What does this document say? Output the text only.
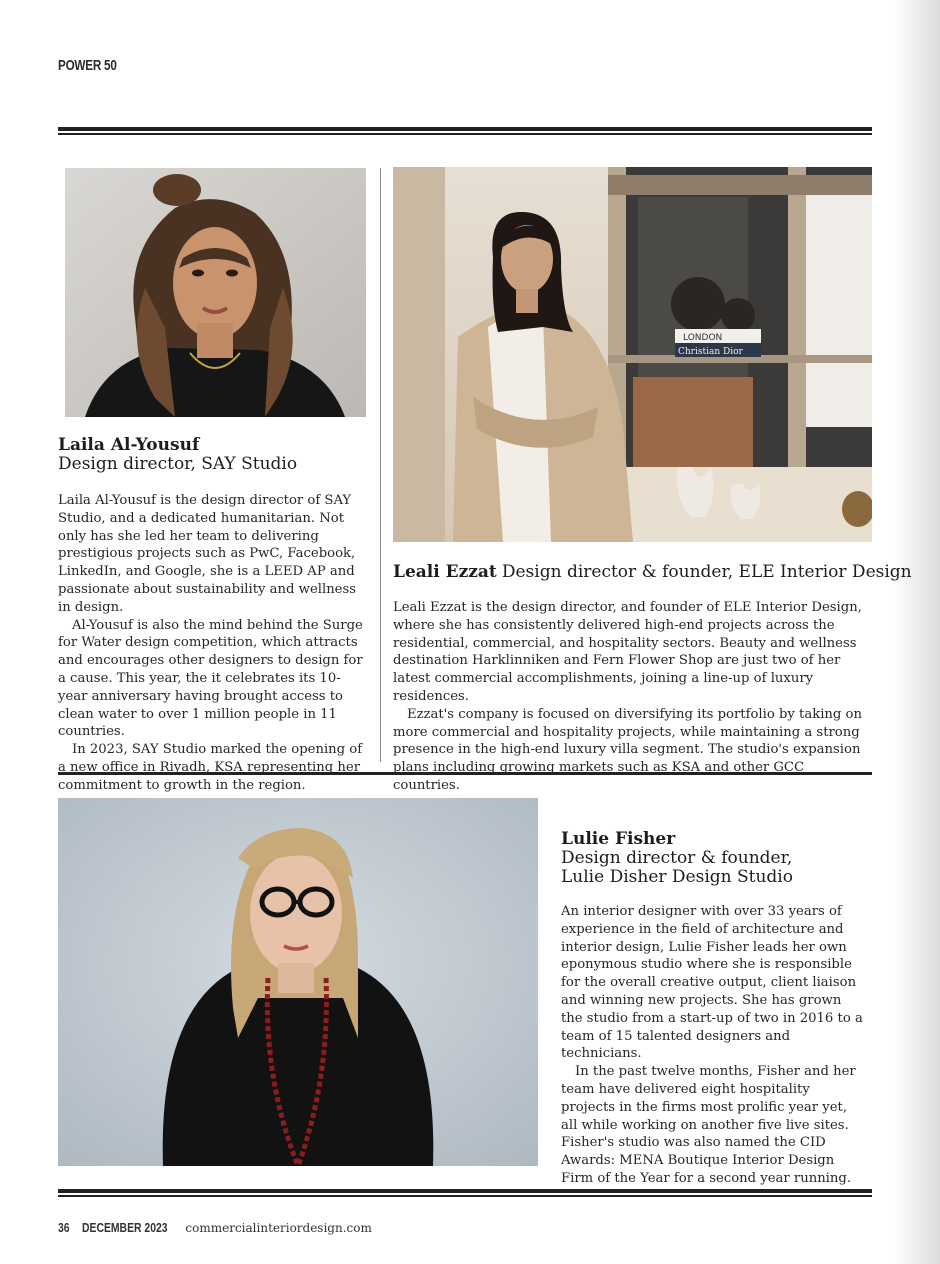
POWER 50
LONDON
Christian Dior
Laila Al-Yousuf
Design director, SAY Studio

Laila Al-Yousuf is the design director of SAY Studio, and a dedicated humanitarian. Not only has she led her team to delivering prestigious projects such as PwC, Facebook, LinkedIn, and Google, she is a LEED AP and passionate about sustainability and wellness in design.

Al-Yousuf is also the mind behind the Surge for Water design competition, which attracts and encourages other designers to design for a cause. This year, the it celebrates its 10-year anniversary having brought access to clean water to over 1 million people in 11 countries.

In 2023, SAY Studio marked the opening of a new office in Riyadh, KSA representing her commitment to growth in the region.

Leali Ezzat Design director & founder, ELE Interior Design

Leali Ezzat is the design director, and founder of ELE Interior Design, where she has consistently delivered high-end projects across the residential, commercial, and hospitality sectors. Beauty and wellness destination Harklinniken and Fern Flower Shop are just two of her latest commercial accomplishments, joining a line-up of luxury residences.

Ezzat's company is focused on diversifying its portfolio by taking on more commercial and hospitality projects, while maintaining a strong presence in the high-end luxury villa segment. The studio's expansion plans including growing markets such as KSA and other GCC countries.

Lulie Fisher
Design director & founder,
Lulie Disher Design Studio

An interior designer with over 33 years of experience in the field of architecture and interior design, Lulie Fisher leads her own eponymous studio where she is responsible for the overall creative output, client liaison and winning new projects. She has grown the studio from a start-up of two in 2016 to a team of 15 talented designers and technicians.

In the past twelve months, Fisher and her team have delivered eight hospitality projects in the firms most prolific year yet, all while working on another five live sites. Fisher's studio was also named the CID Awards: MENA Boutique Interior Design Firm of the Year for a second year running.

36 DECEMBER 2023 commercialinteriordesign.com
